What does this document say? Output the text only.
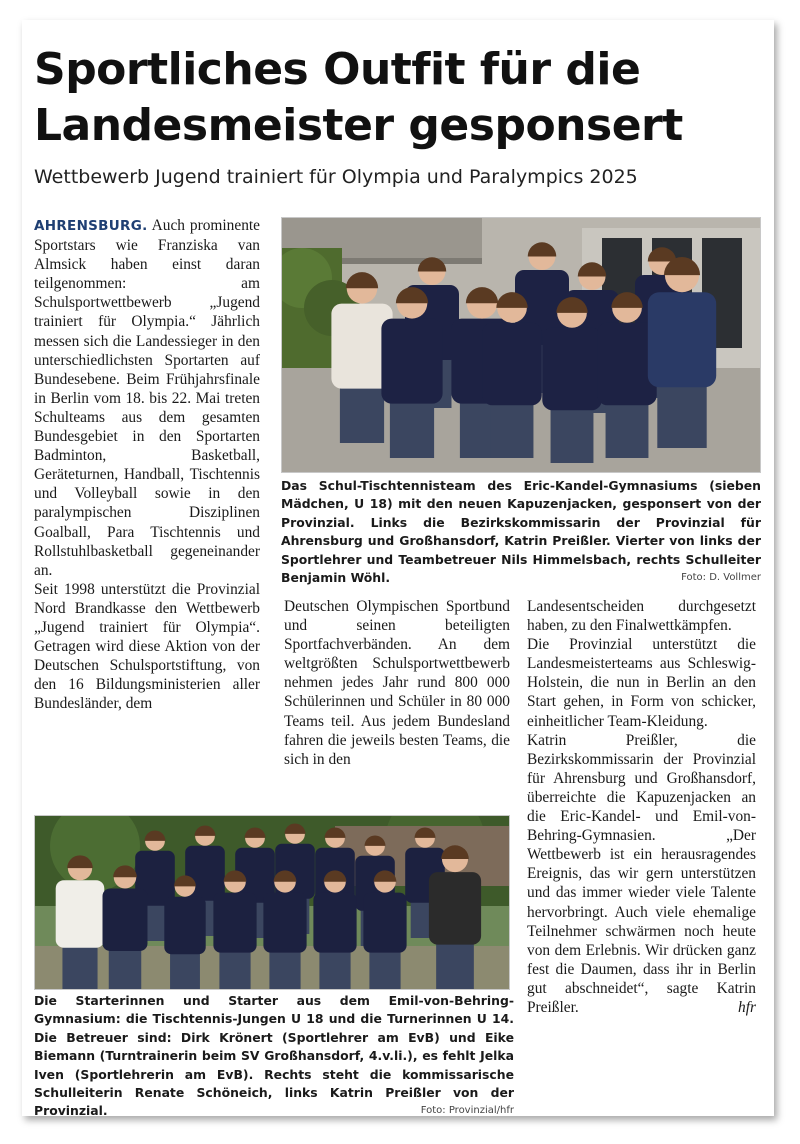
Sportliches Outfit für die Landesmeister gesponsert
Wettbewerb Jugend trainiert für Olympia und Paralympics 2025

AHRENSBURG. Auch prominente Sportstars wie Franziska van Almsick haben einst daran teilgenommen: am Schulsportwettbewerb „Jugend trainiert für Olympia.“ Jährlich messen sich die Landessieger in den unterschiedlichsten Sportarten auf Bundesebene. Beim Frühjahrsfinale in Berlin vom 18. bis 22. Mai treten Schulteams aus dem gesamten Bundesgebiet in den Sportarten Badminton, Basketball, Geräteturnen, Handball, Tischtennis und Volleyball sowie in den paralympischen Disziplinen Goalball, Para Tischtennis und Rollstuhlbasketball gegeneinander an.

Seit 1998 unterstützt die Provinzial Nord Brandkasse den Wettbewerb „Jugend trainiert für Olympia“. Getragen wird diese Aktion von der Deutschen Schulsportstiftung, von den 16 Bildungsministerien aller Bundesländer, dem

Das Schul-Tischtennisteam des Eric-Kandel-Gymnasiums (sieben Mädchen, U 18) mit den neuen Kapuzenjacken, gesponsert von der Provinzial. Links die Bezirkskommissarin der Provinzial für Ahrensburg und Großhansdorf, Katrin Preißler. Vierter von links der Sportlehrer und Teambetreuer Nils Himmelsbach, rechts Schulleiter Benjamin Wöhl.	Foto: D. Vollmer

Deutschen Olympischen Sportbund und seinen beteiligten Sportfachverbänden. An dem weltgrößten Schulsportwettbewerb nehmen jedes Jahr rund 800 000 Schülerinnen und Schüler in 80 000 Teams teil. Aus jedem Bundesland fahren die jeweils besten Teams, die sich in den

Landesentscheiden durchgesetzt haben, zu den Finalwettkämpfen.

Die Provinzial unterstützt die Landesmeisterteams aus Schleswig-Holstein, die nun in Berlin an den Start gehen, in Form von schicker, einheitlicher Team-Kleidung.

Katrin Preißler, die Bezirkskommissarin der Provinzial für Ahrensburg und Großhansdorf, überreichte die Kapuzenjacken an die Eric-Kandel- und Emil-von-Behring-Gymnasien. „Der Wettbewerb ist ein herausragendes Ereignis, das wir gern unterstützen und das immer wieder viele Talente hervorbringt. Auch viele ehemalige Teilnehmer schwärmen noch heute von dem Erlebnis. Wir drücken ganz fest die Daumen, dass ihr in Berlin gut abschneidet“, sagte Katrin Preißler.	hfr

Die Starterinnen und Starter aus dem Emil-von-Behring-Gymnasium: die Tischtennis-Jungen U 18 und die Turnerinnen U 14. Die Betreuer sind: Dirk Krönert (Sportlehrer am EvB) und Eike Biemann (Turntrainerin beim SV Großhansdorf, 4.v.li.), es fehlt Jelka Iven (Sportlehrerin am EvB). Rechts steht die kommissarische Schulleiterin Renate Schöneich, links Katrin Preißler von der Provinzial.	Foto: Provinzial/hfr
